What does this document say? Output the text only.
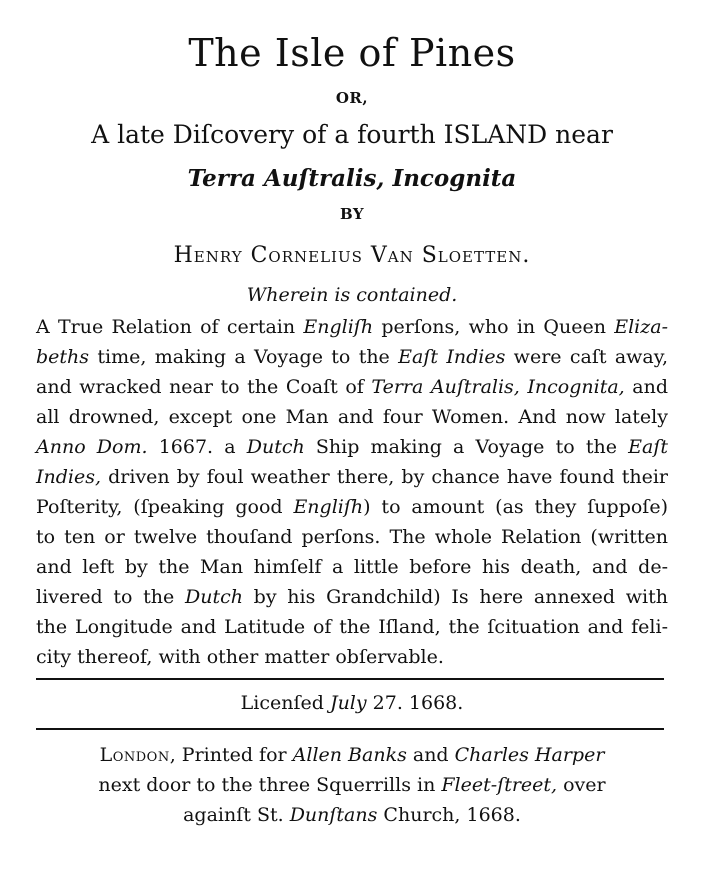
The Isle of Pines
OR,
A late Diſcovery of a fourth ISLAND near
Terra Auſtralis, Incognita
BY
Henry Cornelius Van Sloetten.
Wherein is contained.
A True Relation of certain Engliſh perſons, who in Queen Eliza-
beths time, making a Voyage to the Eaſt Indies were caſt away,
and wracked near to the Coaſt of Terra Auſtralis, Incognita, and
all drowned, except one Man and four Women. And now lately
Anno Dom. 1667. a Dutch Ship making a Voyage to the Eaſt
Indies, driven by foul weather there, by chance have found their
Poſterity, (ſpeaking good Engliſh) to amount (as they ſuppoſe)
to ten or twelve thouſand perſons. The whole Relation (written
and left by the Man himſelf a little before his death, and de-
livered to the Dutch by his Grandchild) Is here annexed with
the Longitude and Latitude of the Iſland, the ſcituation and feli-
city thereof, with other matter obſervable.
Licenſed July 27. 1668.
London, Printed for Allen Banks and Charles Harper
next door to the three Squerrills in Fleet-ſtreet, over
againſt St. Dunſtans Church, 1668.
